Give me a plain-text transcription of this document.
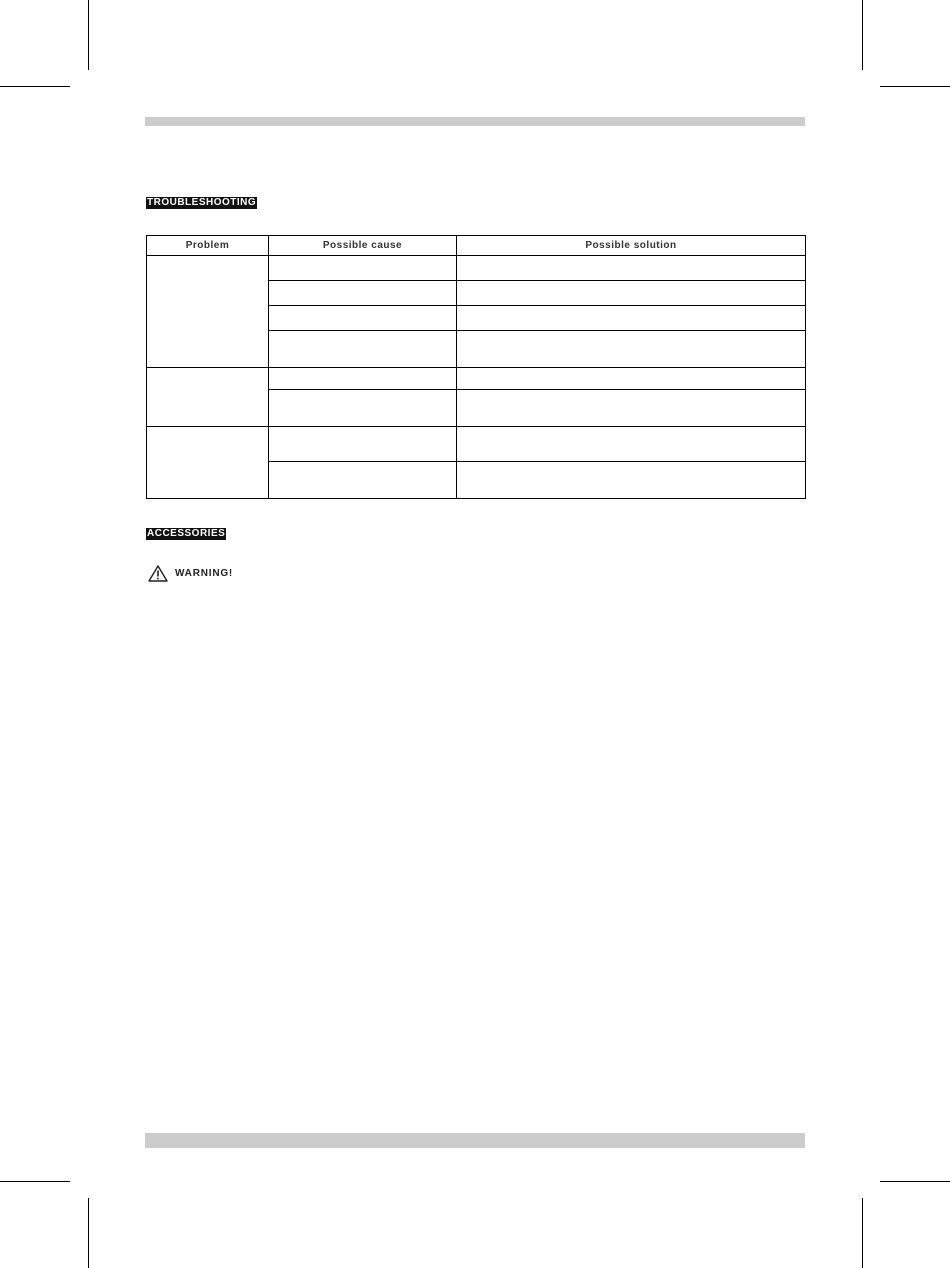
TROUBLESHOOTING
Problem	Possible cause	Possible solution

ACCESSORIES
WARNING!
